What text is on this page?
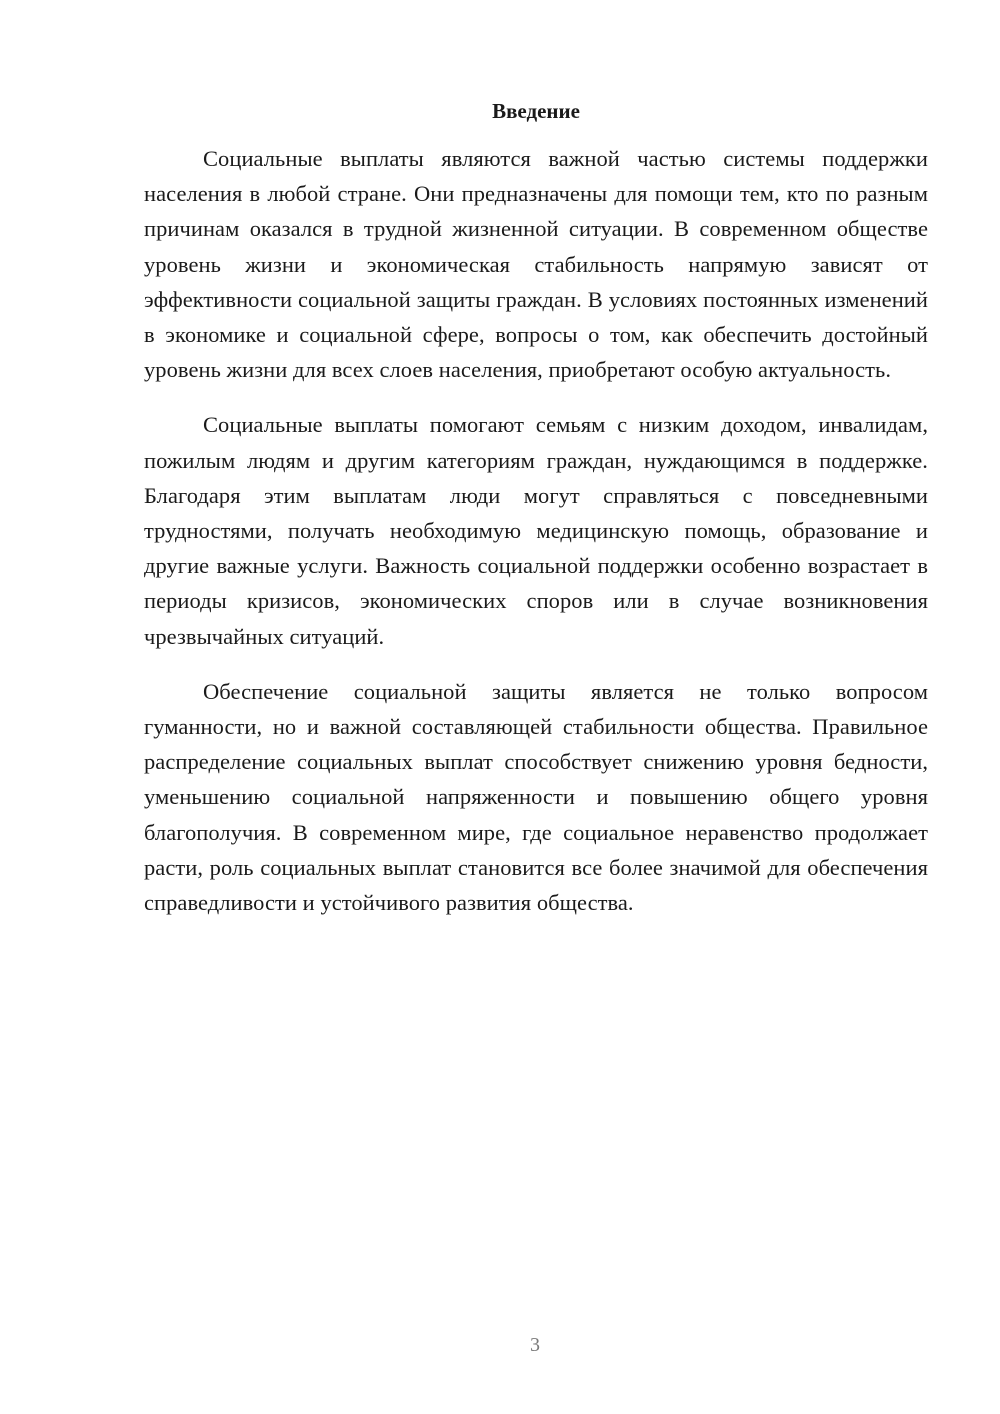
Введение

Социальные выплаты являются важной частью системы поддержки населения в любой стране. Они предназначены для помощи тем, кто по разным причинам оказался в трудной жизненной ситуации. В современном обществе уровень жизни и экономическая стабильность напрямую зависят от эффективности социальной защиты граждан. В условиях постоянных изменений в экономике и социальной сфере, вопросы о том, как обеспечить достойный уровень жизни для всех слоев населения, приобретают особую актуальность.

Социальные выплаты помогают семьям с низким доходом, инвалидам, пожилым людям и другим категориям граждан, нуждающимся в поддержке. Благодаря этим выплатам люди могут справляться с повседневными трудностями, получать необходимую медицинскую помощь, образование и другие важные услуги. Важность социальной поддержки особенно возрастает в периоды кризисов, экономических споров или в случае возникновения чрезвычайных ситуаций.

Обеспечение социальной защиты является не только вопросом гуманности, но и важной составляющей стабильности общества. Правильное распределение социальных выплат способствует снижению уровня бедности, уменьшению социальной напряженности и повышению общего уровня благополучия. В современном мире, где социальное неравенство продолжает расти, роль социальных выплат становится все более значимой для обеспечения справедливости и устойчивого развития общества.

3
